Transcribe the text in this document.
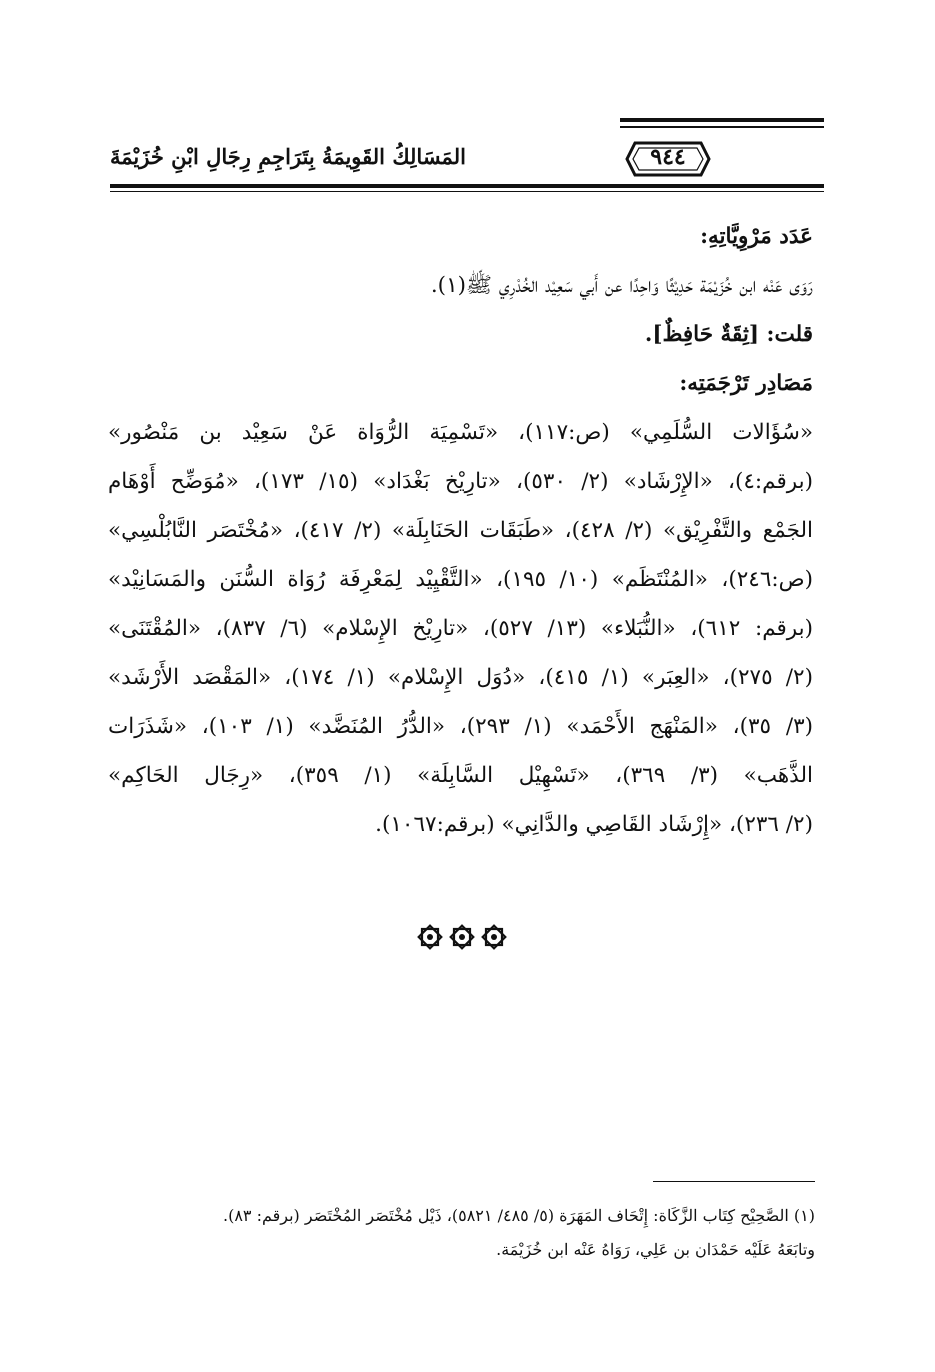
٩٤٤
المَسَالِكُ القَوِيمَةُ بِتَرَاجِمِ رِجَالِ ابْنِ خُزَيْمَةَ
عَدَد مَرْوِيَّاتِهِ:
رَوَى عَنْه ابن خُزَيْمَة حَدِيْثًا وَاحِدًا عن أَبي سَعِيْد الخُدْرِي ﷺ(١).
قلت: [ثِقَةٌ حَافِظٌ].
مَصَادِر تَرْجَمَتِه:
«سُؤَالات السُّلَمِي» (ص:١١٧)، «تَسْمِيَة الرُّوَاة عَنْ سَعِيْد بن مَنْصُور»
(برقم:٤)، «الإِرْشَاد» (٢/ ٥٣٠)، «تارِيْخ بَغْدَاد» (١٥/ ١٧٣)، «مُوَضِّح أَوْهَام
الجَمْع والتَّفْرِيْق» (٢/ ٤٢٨)، «طَبَقَات الحَنَابِلَة» (٢/ ٤١٧)، «مُخْتَصَر النَّابُلْسِي»
(ص:٢٤٦)، «المُنْتَظَم» (١٠/ ١٩٥)، «التَّقْيِيْد لِمَعْرِفَة رُوَاة السُّنَن والمَسَانِيْد»
(برقم: ٦١٢)، «النُّبَلاء» (١٣/ ٥٢٧)، «تارِيْخ الإِسْلام» (٦/ ٨٣٧)، «المُقْتَنَى»
(٢/ ٢٧٥)، «العِبَر» (١/ ٤١٥)، «دُوَل الإِسْلام» (١/ ١٧٤)، «المَقْصَد الأَرْشَد»
(٣/ ٣٥)، «المَنْهَج الأَحْمَد» (١/ ٢٩٣)، «الدُّرُ المُنَضَّد» (١/ ١٠٣)، «شَذَرَات
الذَّهَب» (٣/ ٣٦٩)، «تَسْهِيْل السَّابِلَة» (١/ ٣٥٩)، «رِجَال الحَاكِم»
(٢/ ٢٣٦)، «إِرْشَاد القَاصِي والدَّانِي» (برقم:١٠٦٧).
(١) الصَّحِيْح كِتَاب الزَّكَاة: إِتْحَاف المَهَرَة (٥/ ٤٨٥/ ٥٨٢١)، ذَيْل مُخْتَصَر المُخْتَصَر (برقم: ٨٣).
وتابَعَهُ عَلَيْه حَمْدَان بن عَلِي، رَوَاهُ عَنْه ابن خُزَيْمَة.
